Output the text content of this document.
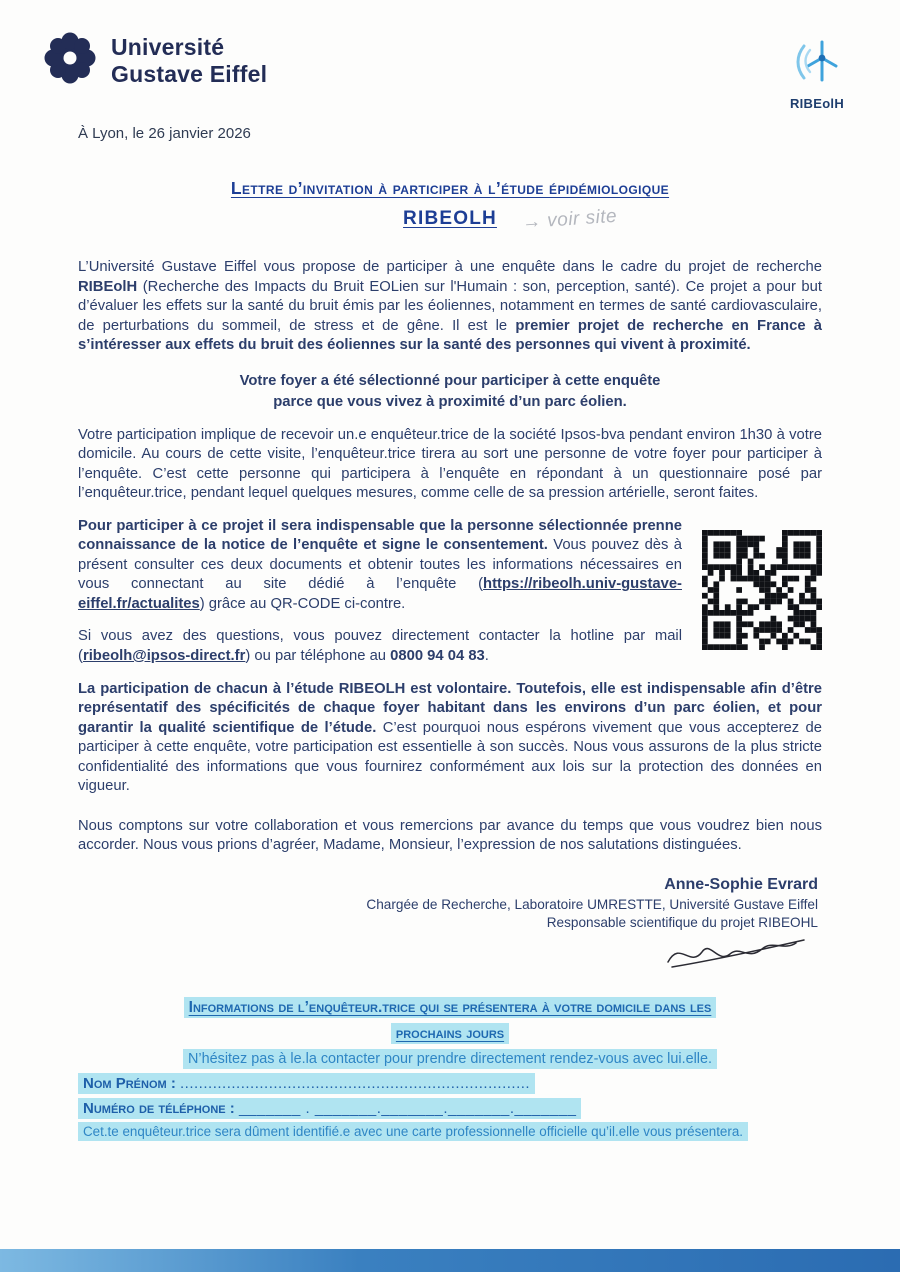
Université
Gustave Eiffel
RIBEolH
À Lyon, le 26 janvier 2026
Lettre d’invitation à participer à l’étude épidémiologique
RIBEOLH → voir site

L’Université Gustave Eiffel vous propose de participer à une enquête dans le cadre du projet de recherche RIBEolH (Recherche des Impacts du Bruit EOLien sur l'Humain : son, perception, santé). Ce projet a pour but d’évaluer les effets sur la santé du bruit émis par les éoliennes, notamment en termes de santé cardiovasculaire, de perturbations du sommeil, de stress et de gêne. Il est le premier projet de recherche en France à s’intéresser aux effets du bruit des éoliennes sur la santé des personnes qui vivent à proximité.

Votre foyer a été sélectionné pour participer à cette enquête
parce que vous vivez à proximité d’un parc éolien.

Votre participation implique de recevoir un.e enquêteur.trice de la société Ipsos-bva pendant environ 1h30 à votre domicile. Au cours de cette visite, l’enquêteur.trice tirera au sort une personne de votre foyer pour participer à l’enquête. C’est cette personne qui participera à l’enquête en répondant à un questionnaire posé par l’enquêteur.trice, pendant lequel quelques mesures, comme celle de sa pression artérielle, seront faites.

Pour participer à ce projet il sera indispensable que la personne sélectionnée prenne connaissance de la notice de l’enquête et signe le consentement. Vous pouvez dès à présent consulter ces deux documents et obtenir toutes les informations nécessaires en vous connectant au site dédié à l’enquête (https://ribeolh.univ-gustave-eiffel.fr/actualites) grâce au QR-CODE ci-contre.

Si vous avez des questions, vous pouvez directement contacter la hotline par mail (ribeolh@ipsos-direct.fr) ou par téléphone au 0800 94 04 83.

La participation de chacun à l’étude RIBEOLH est volontaire. Toutefois, elle est indispensable afin d’être représentatif des spécificités de chaque foyer habitant dans les environs d’un parc éolien, et pour garantir la qualité scientifique de l’étude. C’est pourquoi nous espérons vivement que vous accepterez de participer à cette enquête, votre participation est essentielle à son succès. Nous vous assurons de la plus stricte confidentialité des informations que vous fournirez conformément aux lois sur la protection des données en vigueur.

Nous comptons sur votre collaboration et vous remercions par avance du temps que vous voudrez bien nous accorder. Nous vous prions d’agréer, Madame, Monsieur, l’expression de nos salutations distinguées.

Anne-Sophie Evrard
Chargée de Recherche, Laboratoire UMRESTTE, Université Gustave Eiffel
Responsable scientifique du projet RIBEOHL
Informations de l’enquêteur.trice qui se présentera à votre domicile dans les
prochains jours
N’hésitez pas à le.la contacter pour prendre directement rendez-vous avec lui.elle.
Nom Prénom : ...........................................................................
Numéro de téléphone : _______ . _______._______._______._______
Cet.te enquêteur.trice sera dûment identifié.e avec une carte professionnelle officielle qu’il.elle vous présentera.
